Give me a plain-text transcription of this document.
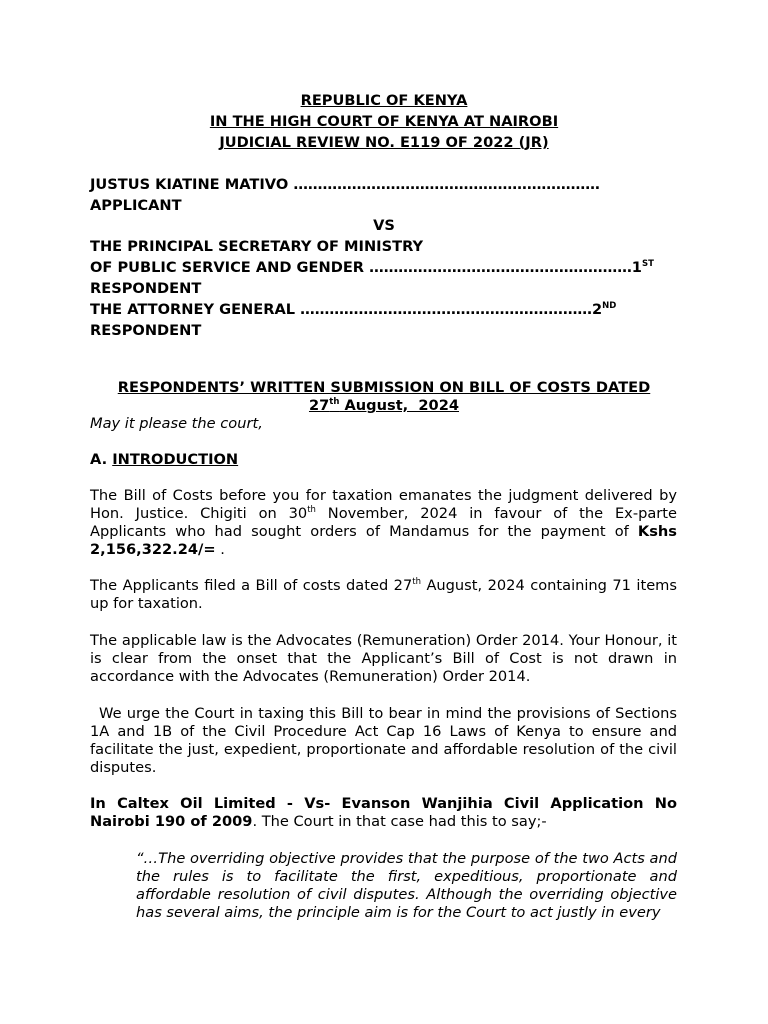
REPUBLIC OF KENYA
IN THE HIGH COURT OF KENYA AT NAIROBI
JUDICIAL REVIEW NO. E119 OF 2022 (JR)
JUSTUS KIATINE MATIVO ………………………………………………………
APPLICANT
VS
THE PRINCIPAL SECRETARY OF MINISTRY
OF PUBLIC SERVICE AND GENDER ………………………………………………1ST
RESPONDENT
THE ATTORNEY GENERAL ……………………………………………………2ND
RESPONDENT
RESPONDENTS’ WRITTEN SUBMISSION ON BILL OF COSTS DATED
27th August,  2024
May it please the court,
A. INTRODUCTION
The Bill of Costs before you for taxation emanates the judgment delivered by Hon. Justice. Chigiti on 30th November, 2024 in favour of the Ex-parte Applicants who had sought orders of Mandamus for the payment of Kshs 2,156,322.24/= .
The Applicants filed a Bill of costs dated 27th August, 2024 containing 71 items up for taxation.
The applicable law is the Advocates (Remuneration) Order 2014. Your Honour, it is clear from the onset that the Applicant’s Bill of Cost is not drawn in accordance with the Advocates (Remuneration) Order 2014.
We urge the Court in taxing this Bill to bear in mind the provisions of Sections 1A and 1B of the Civil Procedure Act Cap 16 Laws of Kenya to ensure and facilitate the just, expedient, proportionate and affordable resolution of the civil disputes.
In Caltex Oil Limited - Vs- Evanson Wanjihia Civil Application No Nairobi 190 of 2009. The Court in that case had this to say;-
“…The overriding objective provides that the purpose of the two Acts and the rules is to facilitate the first, expeditious, proportionate and affordable resolution of civil disputes. Although the overriding objective has several aims, the principle aim is for the Court to act justly in every
